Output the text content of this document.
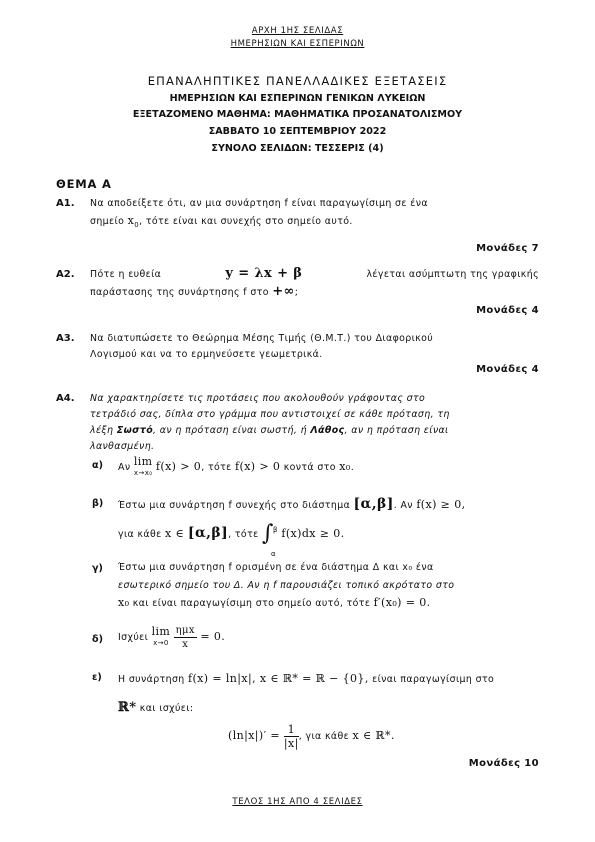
ΑΡΧΗ 1ΗΣ ΣΕΛΙΔΑΣ
ΗΜΕΡΗΣΙΩΝ ΚΑΙ ΕΣΠΕΡΙΝΩΝ
ΕΠΑΝΑΛΗΠΤΙΚΕΣ ΠΑΝΕΛΛΑΔΙΚΕΣ ΕΞΕΤΑΣΕΙΣ
ΗΜΕΡΗΣΙΩΝ ΚΑΙ ΕΣΠΕΡΙΝΩΝ ΓΕΝΙΚΩΝ ΛΥΚΕΙΩΝ
ΕΞΕΤΑΖΟΜΕΝΟ ΜΑΘΗΜΑ: ΜΑΘΗΜΑΤΙΚΑ ΠΡΟΣΑΝΑΤΟΛΙΣΜΟΥ
ΣΑΒΒΑΤΟ 10 ΣΕΠΤΕΜΒΡΙΟΥ 2022
ΣΥΝΟΛΟ ΣΕΛΙΔΩΝ: ΤΕΣΣΕΡΙΣ (4)
ΘΕΜΑ Α
Α1. Να αποδείξετε ότι, αν μια συνάρτηση f είναι παραγωγίσιμη σε ένα
σημείο $x_0$, τότε είναι και συνεχής στο σημείο αυτό.
Μονάδες 7
Α2. Πότε η ευθεία	y = λx + β	λέγεται ασύμπτωτη της γραφικής
παράστασης της συνάρτησης f στο +∞;
Μονάδες 4
Α3. Να διατυπώσετε το Θεώρημα Μέσης Τιμής (Θ.Μ.Τ.) του Διαφορικού
Λογισμού και να το ερμηνεύσετε γεωμετρικά.
Μονάδες 4
Α4. Να χαρακτηρίσετε τις προτάσεις που ακολουθούν γράφοντας στο
τετράδιό σας, δίπλα στο γράμμα που αντιστοιχεί σε κάθε πρόταση, τη
λέξη Σωστό, αν η πρόταση είναι σωστή, ή Λάθος, αν η πρόταση είναι
λανθασμένη.
α) Αν lim
x→x₀ f(x) > 0, τότε f(x) > 0 κοντά στο x₀.
β) Έστω μια συνάρτηση f συνεχής στο διάστημα [α,β]. Αν f(x) ≥ 0,
για κάθε x ∈ [α,β], τότε ∫ β
α
f(x)dx ≥ 0.
γ) Έστω μια συνάρτηση f ορισμένη σε ένα διάστημα Δ και x₀ ένα
εσωτερικό σημείο του Δ. Αν η f παρουσιάζει τοπικό ακρότατο στο
x₀ και είναι παραγωγίσιμη στο σημείο αυτό, τότε f′(x₀) = 0.
δ) Ισχύει lim
x→0
$\frac{\text{ημx}}{x} = 0$.
ε) Η συνάρτηση f(x) = ln|x|, x ∈ ℝ* = ℝ − {0}, είναι παραγωγίσιμη στο
ℝ* και ισχύει:
$(\ln|x|)' = \frac{1}{|x|}$ , για κάθε x ∈ ℝ*.
Μονάδες 10
ΤΕΛΟΣ 1ΗΣ ΑΠΟ 4 ΣΕΛΙΔΕΣ
